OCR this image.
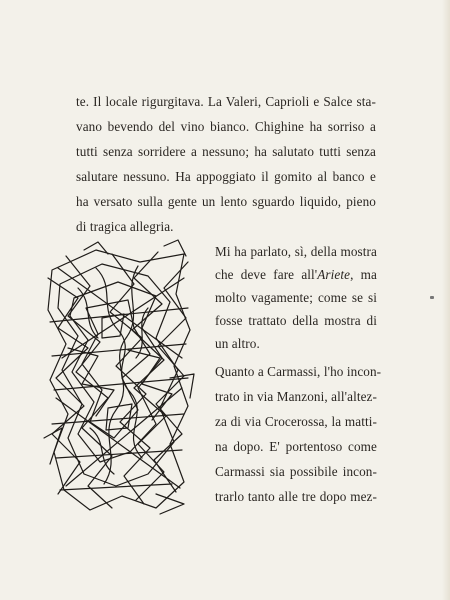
te. Il locale rigurgitava. La Valeri, Caprioli e Salce sta-
vano bevendo del vino bianco. Chighine ha sorriso a
tutti senza sorridere a nessuno; ha salutato tutti senza
salutare nessuno. Ha appoggiato il gomito al banco e
ha versato sulla gente un lento sguardo liquido, pieno
di tragica allegria.
Mi ha parlato, sì, della mostra
che deve fare all'Ariete, ma
molto vagamente; come se si
fosse trattato della mostra di
un altro.
Quanto a Carmassi, l'ho incon-
trato in via Manzoni, all'altez-
za di via Crocerossa, la matti-
na dopo. E' portentoso come
Carmassi sia possibile incon-
trarlo tanto alle tre dopo mez-
